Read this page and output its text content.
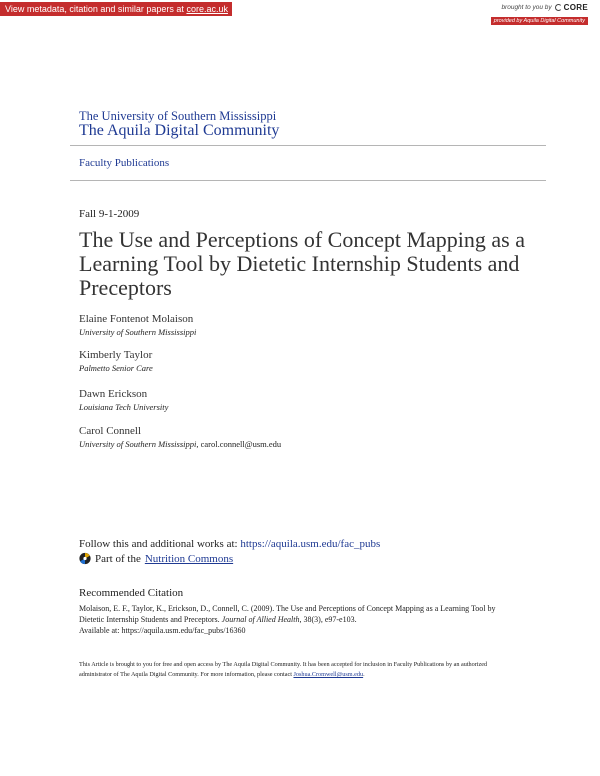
View metadata, citation and similar papers at core.ac.uk	brought to you by CORE
provided by Aquila Digital Community
The University of Southern Mississippi
The Aquila Digital Community
Faculty Publications
Fall 9-1-2009
The Use and Perceptions of Concept Mapping as a Learning Tool by Dietetic Internship Students and Preceptors
Elaine Fontenot Molaison
University of Southern Mississippi
Kimberly Taylor
Palmetto Senior Care
Dawn Erickson
Louisiana Tech University
Carol Connell
University of Southern Mississippi, carol.connell@usm.edu
Follow this and additional works at: https://aquila.usm.edu/fac_pubs
Part of the Nutrition Commons
Recommended Citation
Molaison, E. F., Taylor, K., Erickson, D., Connell, C. (2009). The Use and Perceptions of Concept Mapping as a Learning Tool by Dietetic Internship Students and Preceptors. Journal of Allied Health, 38(3), e97-e103.
Available at: https://aquila.usm.edu/fac_pubs/16360
This Article is brought to you for free and open access by The Aquila Digital Community. It has been accepted for inclusion in Faculty Publications by an authorized administrator of The Aquila Digital Community. For more information, please contact Joshua.Cromwell@usm.edu.
